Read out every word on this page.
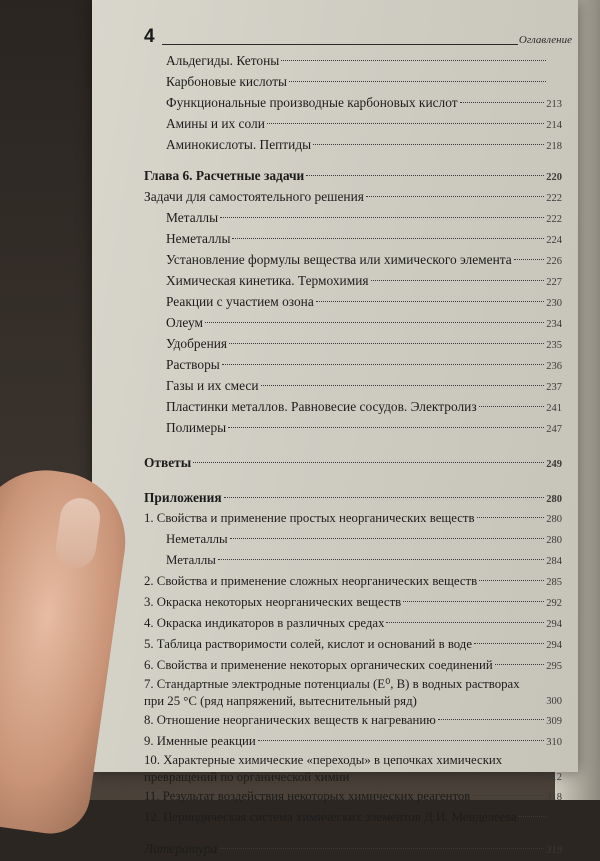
4	Оглавление
Альдегиды. Кетоны
Карбоновые кислоты
Функциональные производные карбоновых кислот	213
Амины и их соли	214
Аминокислоты. Пептиды	218
Глава 6. Расчетные задачи	220
Задачи для самостоятельного решения	222
Металлы	222
Неметаллы	224
Установление формулы вещества или химического элемента	226
Химическая кинетика. Термохимия	227
Реакции с участием озона	230
Олеум	234
Удобрения	235
Растворы	236
Газы и их смеси	237
Пластинки металлов. Равновесие сосудов. Электролиз	241
Полимеры	247
Ответы	249
Приложения	280
1. Свойства и применение простых неорганических веществ	280
Неметаллы	280
Металлы	284
2. Свойства и применение сложных неорганических веществ	285
3. Окраска некоторых неорганических веществ	292
4. Окраска индикаторов в различных средах	294
5. Таблица растворимости солей, кислот и оснований в воде	294
6. Свойства и применение некоторых органических соединений	295
7. Стандартные электродные потенциалы (E⁰, В) в водных растворах
при 25 °С (ряд напряжений, вытеснительный ряд)	300
8. Отношение неорганических веществ к нагреванию	309
9. Именные реакции	310
10. Характерные химические «переходы» в цепочках химических
превращений по органической химии	312
11. Результат воздействия некоторых химических реагентов	318
12. Периодическая система химических элементов Д.И. Менделеева
Литература	319
